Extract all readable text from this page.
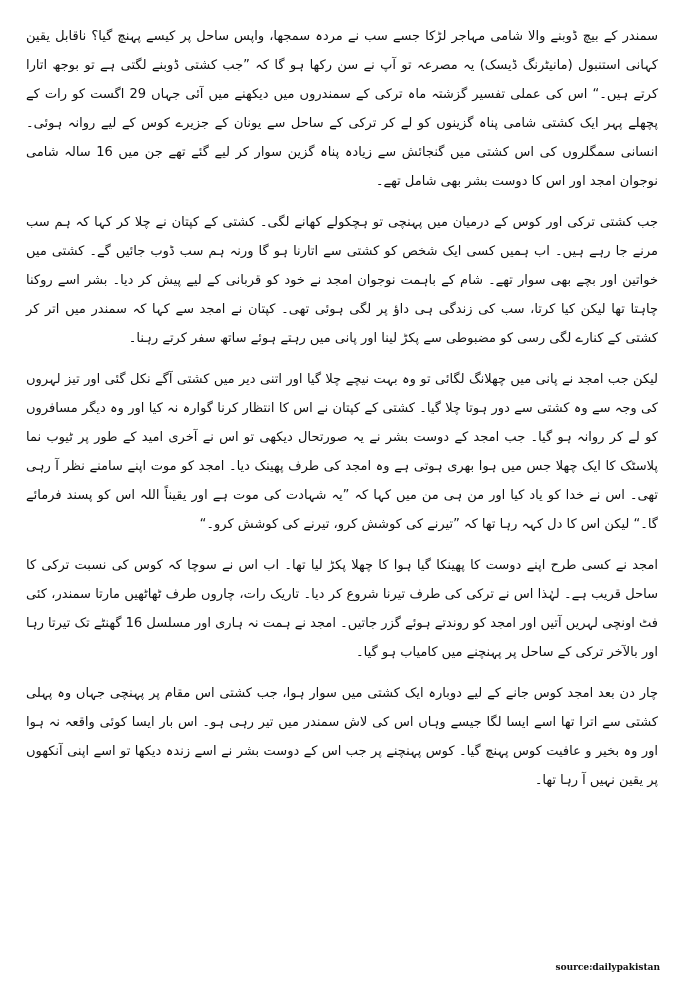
سمندر کے بیچ ڈوبنے والا شامی مہاجر لڑکا جسے سب نے مردہ سمجھا، واپس ساحل پر کیسے پہنچ گیا؟ ناقابل یقین کہانی استنبول (مانیٹرنگ ڈیسک) یہ مصرعہ تو آپ نے سن رکھا ہو گا کہ ”جب کشتی ڈوبنے لگتی ہے تو بوجھ اتارا کرتے ہیں۔“ اس کی عملی تفسیر گزشتہ ماہ ترکی کے سمندروں میں دیکھنے میں آئی جہاں 29 اگست کو رات کے پچھلے پہر ایک کشتی شامی پناہ گزینوں کو لے کر ترکی کے ساحل سے یونان کے جزیرے کوس کے لیے روانہ ہوئی۔ انسانی سمگلروں کی اس کشتی میں گنجائش سے زیادہ پناہ گزین سوار کر لیے گئے تھے جن میں 16 سالہ شامی نوجوان امجد اور اس کا دوست بشر بھی شامل تھے۔

جب کشتی ترکی اور کوس کے درمیان میں پہنچی تو ہچکولے کھانے لگی۔ کشتی کے کپتان نے چلا کر کہا کہ ہم سب مرنے جا رہے ہیں۔ اب ہمیں کسی ایک شخص کو کشتی سے اتارنا ہو گا ورنہ ہم سب ڈوب جائیں گے۔ کشتی میں خواتین اور بچے بھی سوار تھے۔ شام کے باہمت نوجوان امجد نے خود کو قربانی کے لیے پیش کر دیا۔ بشر اسے روکنا چاہتا تھا لیکن کیا کرتا، سب کی زندگی ہی داؤ پر لگی ہوئی تھی۔ کپتان نے امجد سے کہا کہ سمندر میں اتر کر کشتی کے کنارے لگی رسی کو مضبوطی سے پکڑ لینا اور پانی میں رہتے ہوئے ساتھ سفر کرتے رہنا۔

لیکن جب امجد نے پانی میں چھلانگ لگائی تو وہ بہت نیچے چلا گیا اور اتنی دیر میں کشتی آگے نکل گئی اور تیز لہروں کی وجہ سے وہ کشتی سے دور ہوتا چلا گیا۔ کشتی کے کپتان نے اس کا انتظار کرنا گوارہ نہ کیا اور وہ دیگر مسافروں کو لے کر روانہ ہو گیا۔ جب امجد کے دوست بشر نے یہ صورتحال دیکھی تو اس نے آخری امید کے طور پر ٹیوب نما پلاسٹک کا ایک چھلا جس میں ہوا بھری ہوتی ہے وہ امجد کی طرف پھینک دیا۔ امجد کو موت اپنے سامنے نظر آ رہی تھی۔ اس نے خدا کو یاد کیا اور من ہی من میں کہا کہ ”یہ شہادت کی موت ہے اور یقیناً اللہ اس کو پسند فرمائے گا۔“ لیکن اس کا دل کہہ رہا تھا کہ ”تیرنے کی کوشش کرو، تیرنے کی کوشش کرو۔“

امجد نے کسی طرح اپنے دوست کا پھینکا گیا ہوا کا چھلا پکڑ لیا تھا۔ اب اس نے سوچا کہ کوس کی نسبت ترکی کا ساحل قریب ہے۔ لہٰذا اس نے ترکی کی طرف تیرنا شروع کر دیا۔ تاریک رات، چاروں طرف ٹھاٹھیں مارتا سمندر، کئی فٹ اونچی لہریں آتیں اور امجد کو روندتے ہوئے گزر جاتیں۔ امجد نے ہمت نہ ہاری اور مسلسل 16 گھنٹے تک تیرتا رہا اور بالآخر ترکی کے ساحل پر پہنچنے میں کامیاب ہو گیا۔

چار دن بعد امجد کوس جانے کے لیے دوبارہ ایک کشتی میں سوار ہوا، جب کشتی اس مقام پر پہنچی جہاں وہ پہلی کشتی سے اترا تھا اسے ایسا لگا جیسے وہاں اس کی لاش سمندر میں تیر رہی ہو۔ اس بار ایسا کوئی واقعہ نہ ہوا اور وہ بخیر و عافیت کوس پہنچ گیا۔ کوس پہنچنے پر جب اس کے دوست بشر نے اسے زندہ دیکھا تو اسے اپنی آنکھوں پر یقین نہیں آ رہا تھا۔

source:dailypakistan
